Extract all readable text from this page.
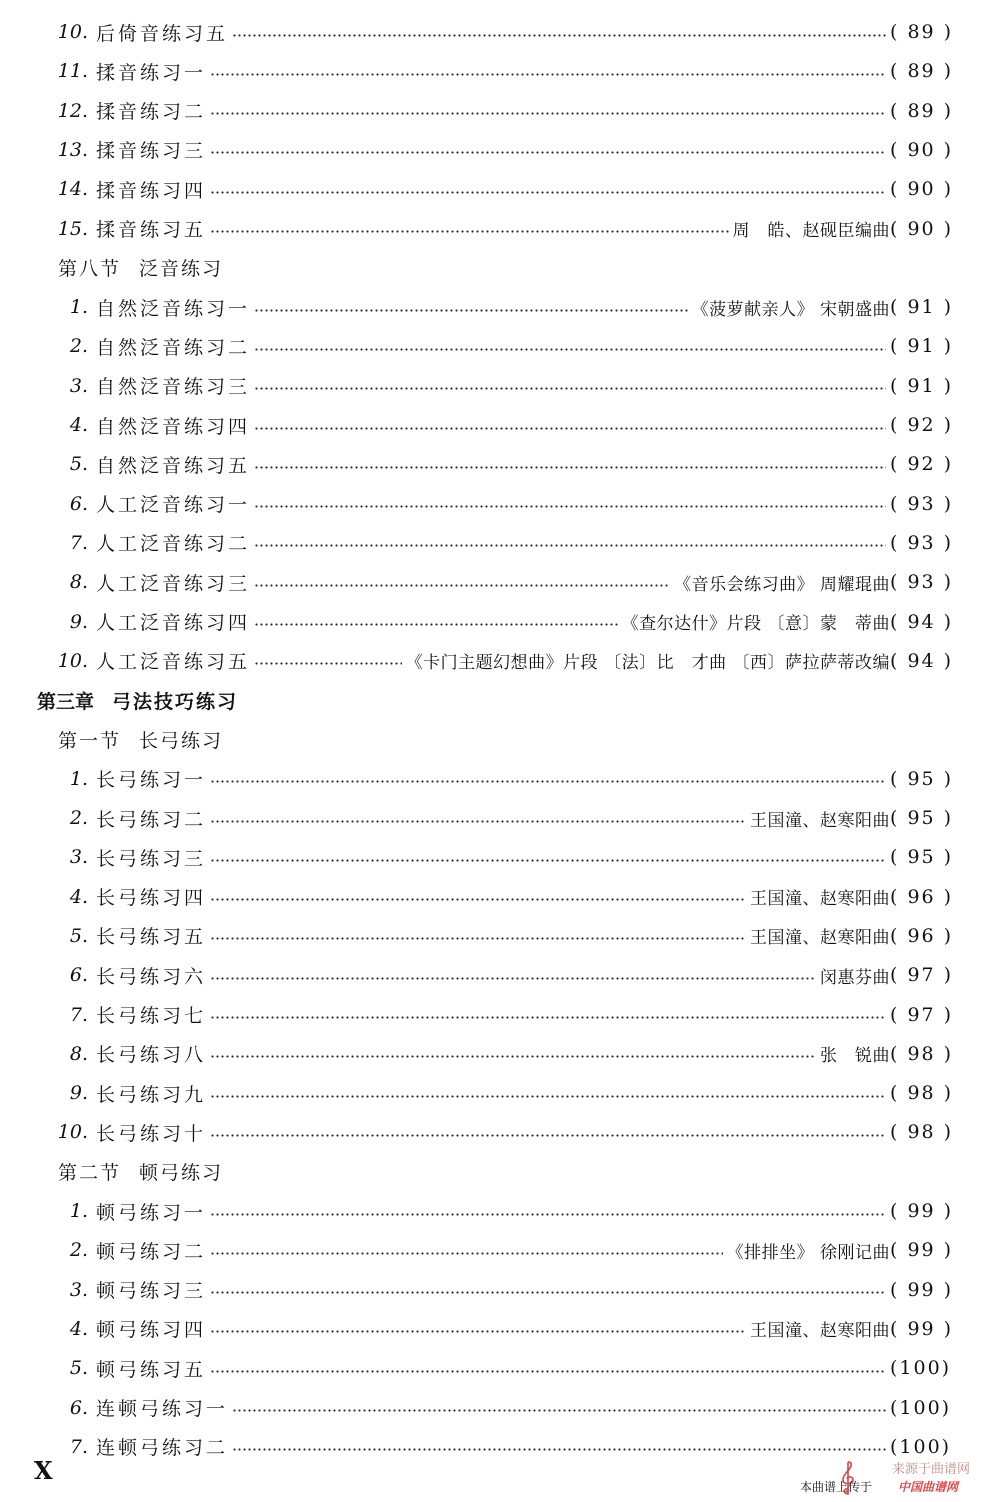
10. 后倚音练习五	( 89 )
11. 揉音练习一	( 89 )
12. 揉音练习二	( 89 )
13. 揉音练习三	( 90 )
14. 揉音练习四	( 90 )
15. 揉音练习五	周　皓、赵砚臣编曲 ( 90 )
第八节 泛音练习
1. 自然泛音练习一	《菠萝献亲人》 宋朝盛曲 ( 91 )
2. 自然泛音练习二	( 91 )
3. 自然泛音练习三	( 91 )
4. 自然泛音练习四	( 92 )
5. 自然泛音练习五	( 92 )
6. 人工泛音练习一	( 93 )
7. 人工泛音练习二	( 93 )
8. 人工泛音练习三	《音乐会练习曲》 周耀琨曲 ( 93 )
9. 人工泛音练习四	《查尔达什》片段 〔意〕蒙　蒂曲 ( 94 )
10. 人工泛音练习五	《卡门主题幻想曲》片段 〔法〕比　才曲 〔西〕萨拉萨蒂改编 ( 94 )
第三章 弓法技巧练习
第一节 长弓练习
1. 长弓练习一	( 95 )
2. 长弓练习二	王国潼、赵寒阳曲 ( 95 )
3. 长弓练习三	( 95 )
4. 长弓练习四	王国潼、赵寒阳曲 ( 96 )
5. 长弓练习五	王国潼、赵寒阳曲 ( 96 )
6. 长弓练习六	闵惠芬曲 ( 97 )
7. 长弓练习七	( 97 )
8. 长弓练习八	张　锐曲 ( 98 )
9. 长弓练习九	( 98 )
10. 长弓练习十	( 98 )
第二节 顿弓练习
1. 顿弓练习一	( 99 )
2. 顿弓练习二	《排排坐》 徐刚记曲 ( 99 )
3. 顿弓练习三	( 99 )
4. 顿弓练习四	王国潼、赵寒阳曲 ( 99 )
5. 顿弓练习五	(100)
6. 连顿弓练习一	(100)
7. 连顿弓练习二	(100)
X	来源于曲谱网
本曲谱上传于 中国曲谱网
